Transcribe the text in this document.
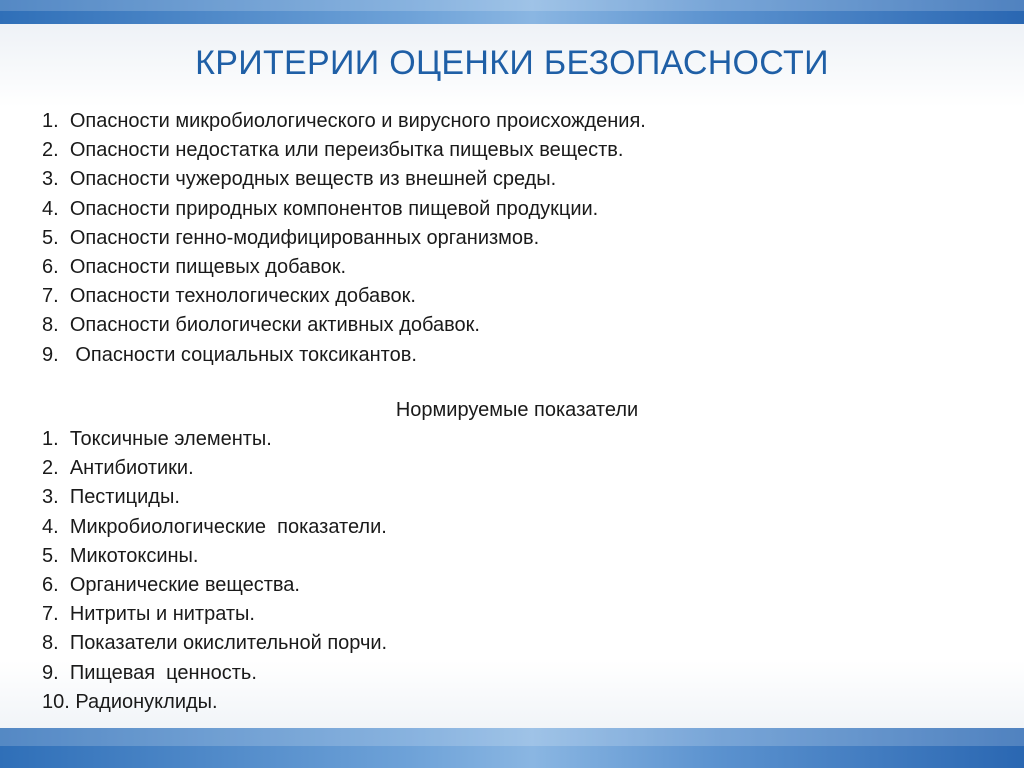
КРИТЕРИИ ОЦЕНКИ БЕЗОПАСНОСТИ
1. Опасности микробиологического и вирусного происхождения.
2. Опасности недостатка или переизбытка пищевых веществ.
3. Опасности чужеродных веществ из внешней среды.
4. Опасности природных компонентов пищевой продукции.
5. Опасности генно-модифицированных организмов.
6. Опасности пищевых добавок.
7. Опасности технологических добавок.
8. Опасности биологически активных добавок.
9. Опасности социальных токсикантов.
Нормируемые показатели
1. Токсичные элементы.
2. Антибиотики.
3. Пестициды.
4. Микробиологические  показатели.
5. Микотоксины.
6. Органические вещества.
7. Нитриты и нитраты.
8. Показатели окислительной порчи.
9. Пищевая  ценность.
10. Радионуклиды.
